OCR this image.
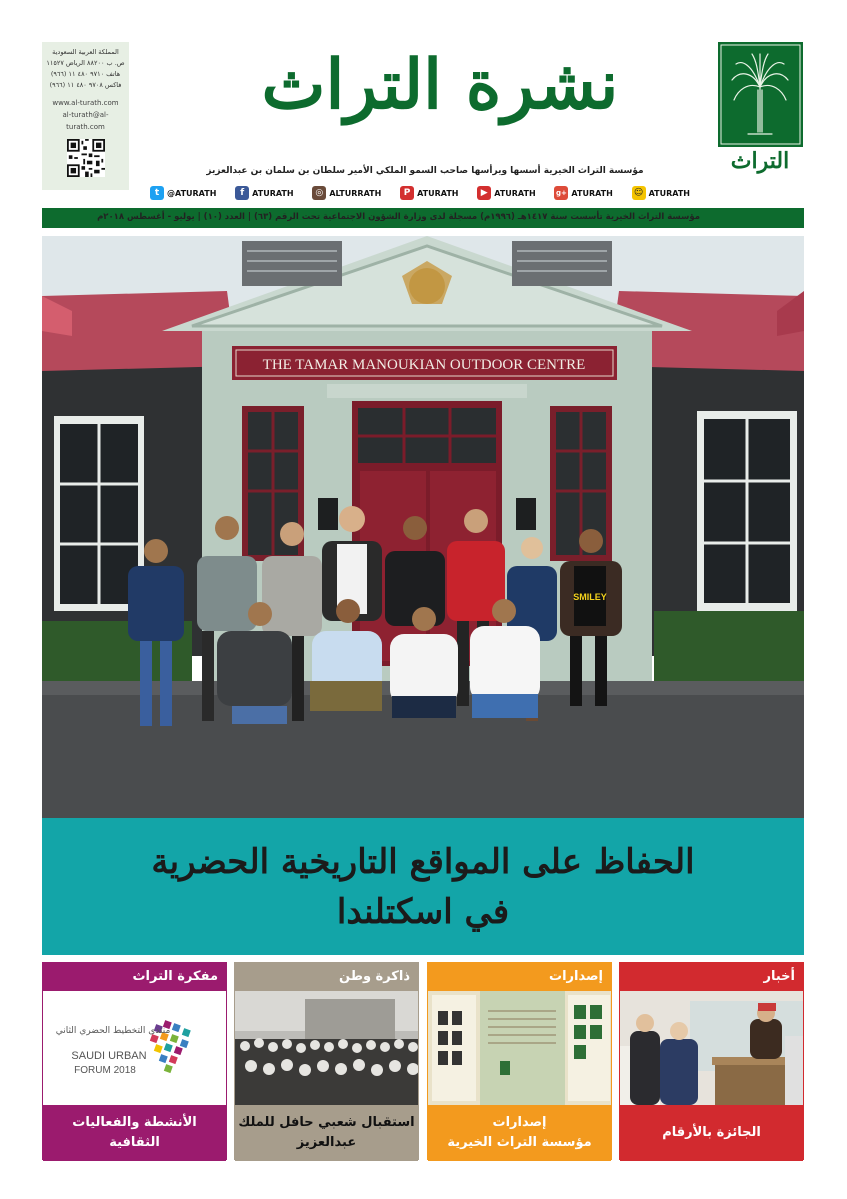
المملكة العربية السعودية
ص. ب ٨٨٢٠٠ الرياض ١١٥٢٧
هاتف ٩٧١٠ ٤٨٠ ١١ (٩٦٦)
فاكس ٩٧٠٨ ٤٨٠ ١١ (٩٦٦)
www.al-turath.com
al-turath@al-turath.com
نشرة التراث
مؤسسة التراث الخيرية أسسها ويرأسها صاحب السمو الملكي الأمير سلطان بن سلمان بن عبدالعزيز	التراث
t @ATURATH	f	ATURATH	◎ ALTURRATH	P ATURATH	▶ ATURATH	g+ ATURATH ☺ ATURATH
مؤسسة التراث الخيرية تأسست سنة ١٤١٧هـ (١٩٩٦م) مسجلة لدى وزارة الشؤون الاجتماعية تحت الرقم (٦٣) | العدد (١٠) | يوليو - أغسطس ٢٠١٨م
THE TAMAR MANOUKIAN OUTDOOR CENTRE
SMILEY
الحفاظ على المواقع التاريخية الحضرية
في اسكتلندا
أخبار
الجائزة بالأرقام
إصدارات
إصدارات
مؤسسة التراث الخيرية
ذاكرة وطن
استقبال شعبي حافل للملك
عبدالعزيز
مفكرة التراث
منتدى التخطيط الحضري الثاني
SAUDI URBAN
FORUM 2018
الأنشطة والفعاليات
الثقافية
